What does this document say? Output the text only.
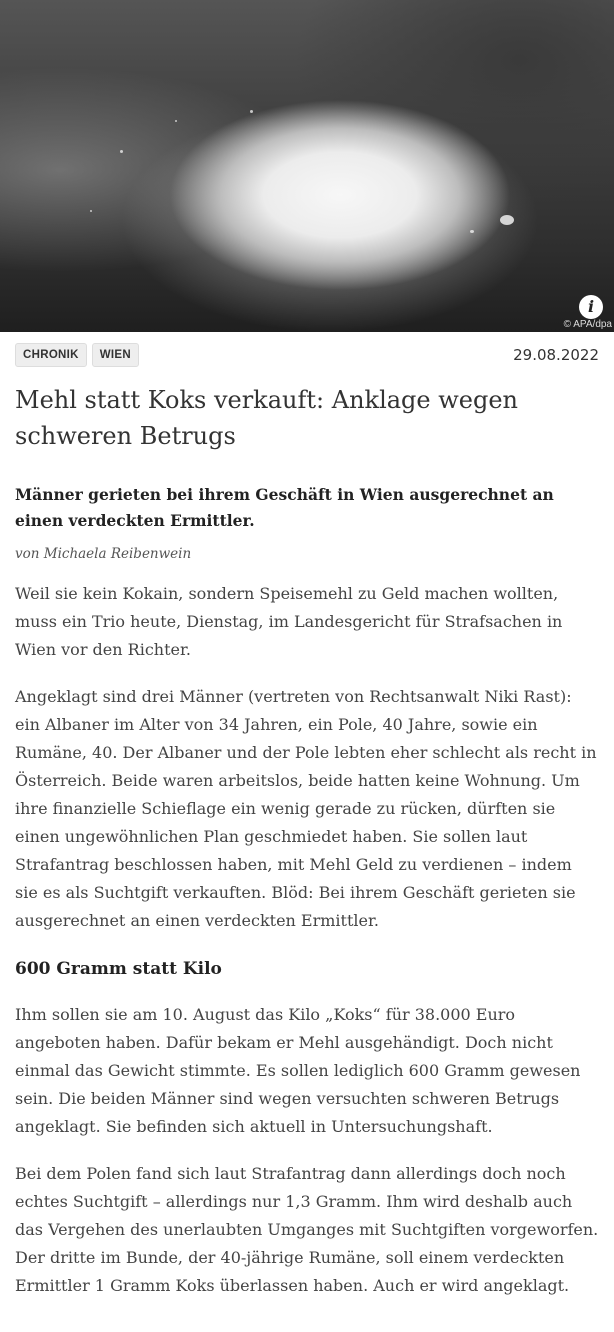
i
© APA/dpa
CHRONIK	WIEN	29.08.2022
Mehl statt Koks verkauft: Anklage wegen schweren Betrugs

Männer gerieten bei ihrem Geschäft in Wien ausgerechnet an einen verdeckten Ermittler.

von Michaela Reibenwein

Weil sie kein Kokain, sondern Speisemehl zu Geld machen wollten, muss ein Trio heute, Dienstag, im Landesgericht für Strafsachen in Wien vor den Richter.

Angeklagt sind drei Männer (vertreten von Rechtsanwalt Niki Rast): ein Albaner im Alter von 34 Jahren, ein Pole, 40 Jahre, sowie ein Rumäne, 40. Der Albaner und der Pole lebten eher schlecht als recht in Österreich. Beide waren arbeitslos, beide hatten keine Wohnung. Um ihre finanzielle Schieflage ein wenig gerade zu rücken, dürften sie einen ungewöhnlichen Plan geschmiedet haben. Sie sollen laut Strafantrag beschlossen haben, mit Mehl Geld zu verdienen – indem sie es als Suchtgift verkauften. Blöd: Bei ihrem Geschäft gerieten sie ausgerechnet an einen verdeckten Ermittler.

600 Gramm statt Kilo

Ihm sollen sie am 10. August das Kilo „Koks“ für 38.000 Euro angeboten haben. Dafür bekam er Mehl ausgehändigt. Doch nicht einmal das Gewicht stimmte. Es sollen lediglich 600 Gramm gewesen sein. Die beiden Männer sind wegen versuchten schweren Betrugs angeklagt. Sie befinden sich aktuell in Untersuchungshaft.

Bei dem Polen fand sich laut Strafantrag dann allerdings doch noch echtes Suchtgift – allerdings nur 1,3 Gramm. Ihm wird deshalb auch das Vergehen des unerlaubten Umganges mit Suchtgiften vorgeworfen. Der dritte im Bunde, der 40-jährige Rumäne, soll einem verdeckten Ermittler 1 Gramm Koks überlassen haben. Auch er wird angeklagt.
